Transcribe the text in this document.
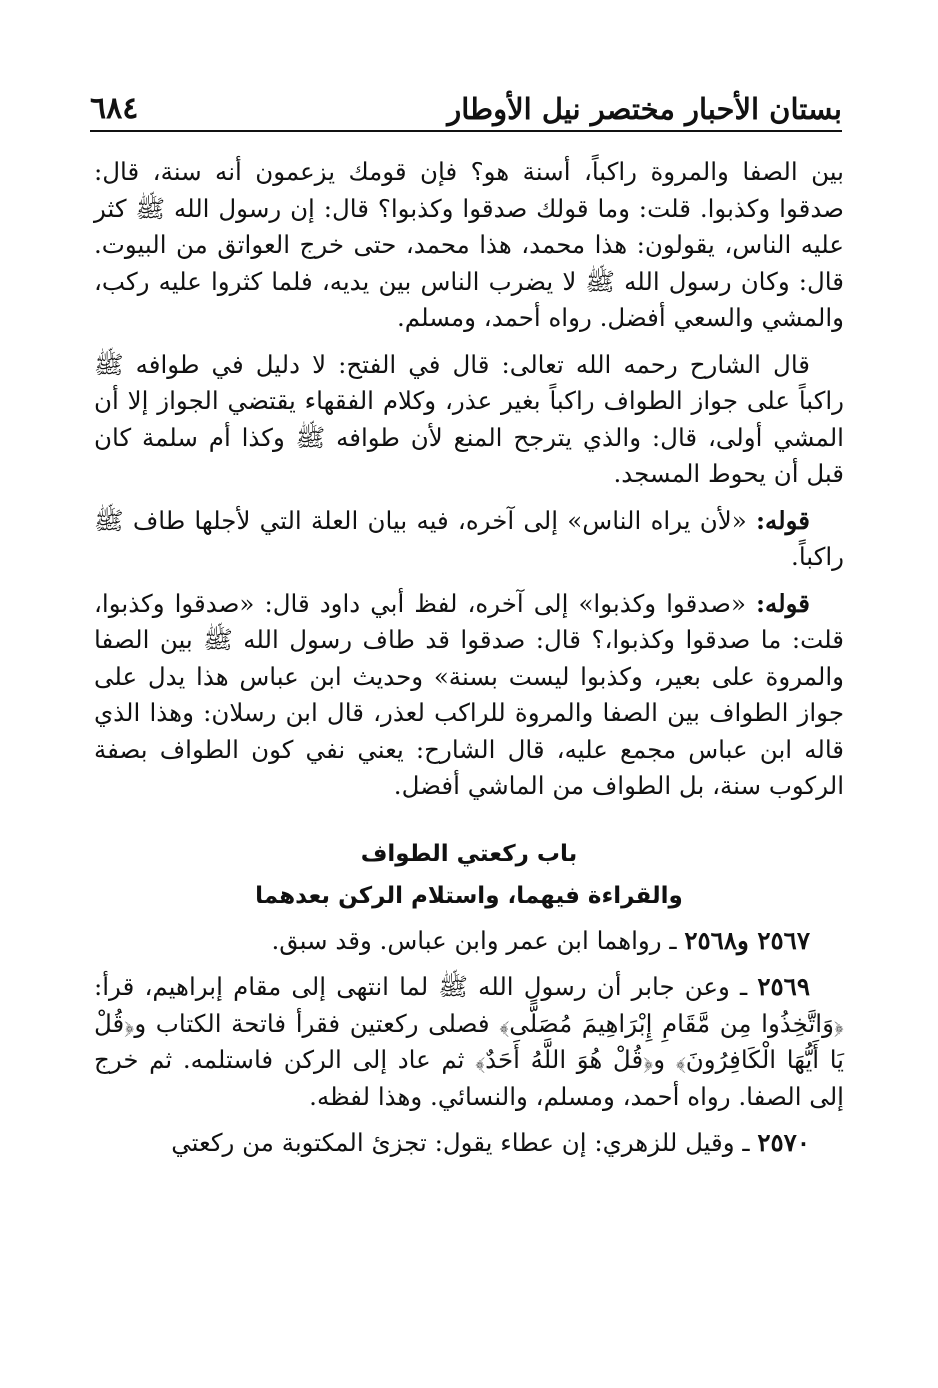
٦٨٤	بستان الأحبار مختصر نيل الأوطار

بين الصفا والمروة راكباً، أسنة هو؟ فإن قومك يزعمون أنه سنة، قال: صدقوا وكذبوا. قلت: وما قولك صدقوا وكذبوا؟ قال: إن رسول الله ﷺ كثر عليه الناس، يقولون: هذا محمد، هذا محمد، حتى خرج العواتق من البيوت. قال: وكان رسول الله ﷺ لا يضرب الناس بين يديه، فلما كثروا عليه ركب، والمشي والسعي أفضل. رواه أحمد، ومسلم.

قال الشارح رحمه الله تعالى: قال في الفتح: لا دليل في طوافه ﷺ راكباً على جواز الطواف راكباً بغير عذر، وكلام الفقهاء يقتضي الجواز إلا أن المشي أولى، قال: والذي يترجح المنع لأن طوافه ﷺ وكذا أم سلمة كان قبل أن يحوط المسجد.

قوله: «لأن يراه الناس» إلى آخره، فيه بيان العلة التي لأجلها طاف ﷺ راكباً.

قوله: «صدقوا وكذبوا» إلى آخره، لفظ أبي داود قال: «صدقوا وكذبوا، قلت: ما صدقوا وكذبوا،؟ قال: صدقوا قد طاف رسول الله ﷺ بين الصفا والمروة على بعير، وكذبوا ليست بسنة» وحديث ابن عباس هذا يدل على جواز الطواف بين الصفا والمروة للراكب لعذر، قال ابن رسلان: وهذا الذي قاله ابن عباس مجمع عليه، قال الشارح: يعني نفي كون الطواف بصفة الركوب سنة، بل الطواف من الماشي أفضل.

باب ركعتي الطواف

والقراءة فيهما، واستلام الركن بعدهما

٢٥٦٧ و٢٥٦٨ ـ رواهما ابن عمر وابن عباس. وقد سبق.

٢٥٦٩ ـ وعن جابر أن رسول الله ﷺ لما انتهى إلى مقام إبراهيم، قرأ: ﴿وَاتَّخِذُوا مِن مَّقَامِ إِبْرَاهِيمَ مُصَلًّى﴾ فصلى ركعتين فقرأ فاتحة الكتاب و﴿قُلْ يَا أَيُّهَا الْكَافِرُونَ﴾ و﴿قُلْ هُوَ اللَّهُ أَحَدٌ﴾ ثم عاد إلى الركن فاستلمه. ثم خرج إلى الصفا. رواه أحمد، ومسلم، والنسائي. وهذا لفظه.

٢٥٧٠ ـ وقيل للزهري: إن عطاء يقول: تجزئ المكتوبة من ركعتي
